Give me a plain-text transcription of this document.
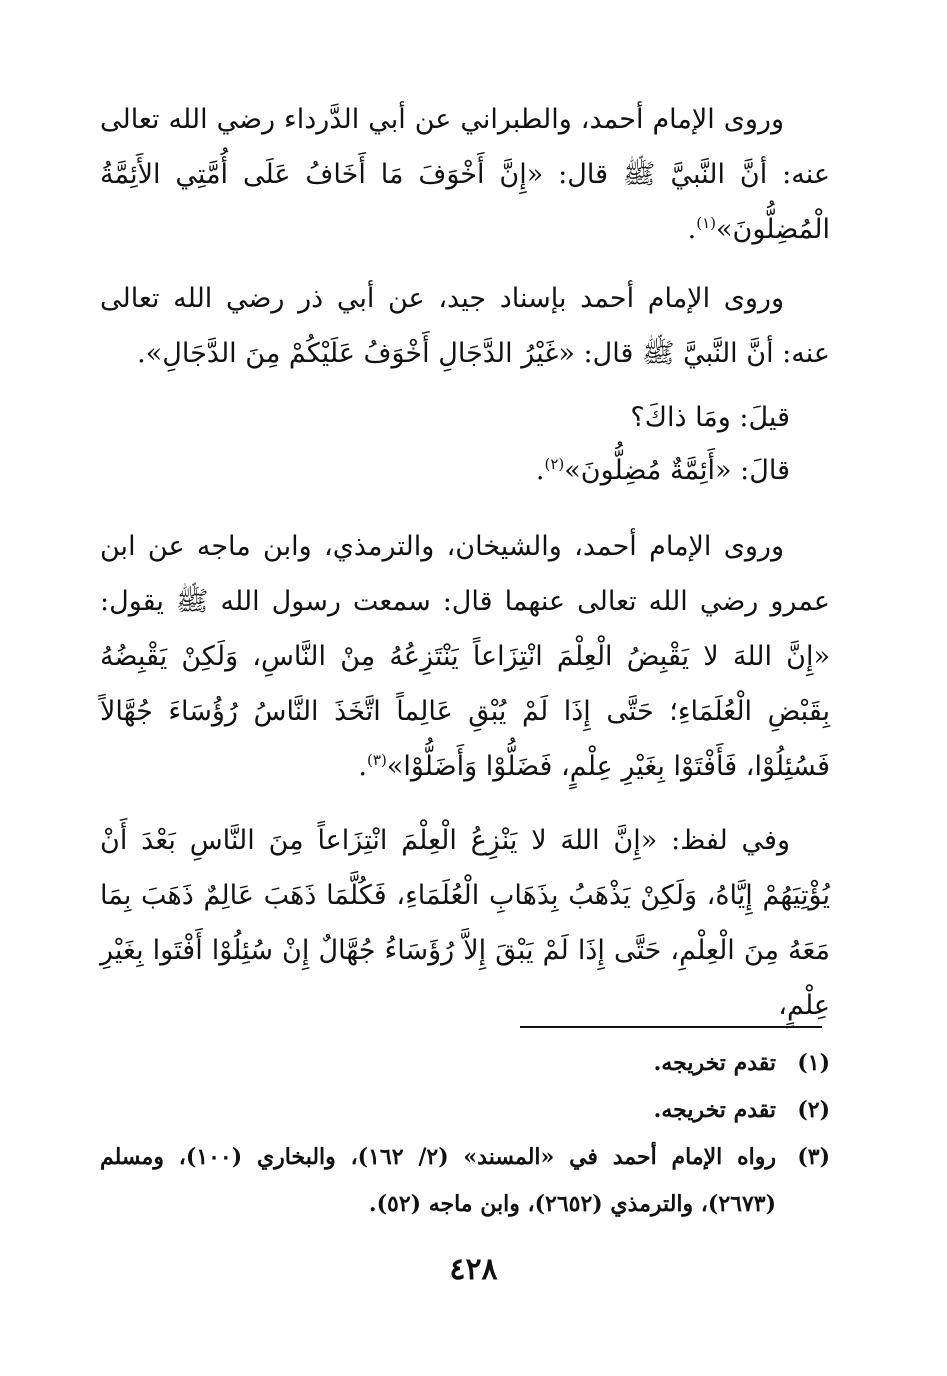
وروى الإمام أحمد، والطبراني عن أبي الدَّرداء رضي الله تعالى عنه: أنَّ النَّبيَّ ﷺ قال: «إِنَّ أَخْوَفَ مَا أَخَافُ عَلَى أُمَّتِي الأَئِمَّةُ الْمُضِلُّونَ»$^{(١)}$.

وروى الإمام أحمد بإسناد جيد، عن أبي ذر رضي الله تعالى عنه: أنَّ النَّبيَّ ﷺ قال: «غَيْرُ الدَّجَالِ أَخْوَفُ عَلَيْكُمْ مِنَ الدَّجَالِ».

قيلَ: ومَا ذاكَ؟

قالَ: «أَئِمَّةٌ مُضِلُّونَ»$^{(٢)}$.

وروى الإمام أحمد، والشيخان، والترمذي، وابن ماجه عن ابن عمرو رضي الله تعالى عنهما قال: سمعت رسول الله ﷺ يقول: «إِنَّ اللهَ لا يَقْبِضُ الْعِلْمَ انْتِزَاعاً يَنْتَزِعُهُ مِنْ النَّاسِ، وَلَكِنْ يَقْبِضُهُ بِقَبْضِ الْعُلَمَاءِ؛ حَتَّى إِذَا لَمْ يُبْقِ عَالِماً اتَّخَذَ النَّاسُ رُؤُسَاءَ جُهَّالاً فَسُئِلُوْا، فَأَفْتَوْا بِغَيْرِ عِلْمٍ، فَضَلُّوْا وَأَضَلُّوْا»$^{(٣)}$.

وفي لفظ: «إِنَّ اللهَ لا يَنْزِعُ الْعِلْمَ انْتِزَاعاً مِنَ النَّاسِ بَعْدَ أَنْ يُؤْتِيَهُمْ إِيَّاهُ، وَلَكِنْ يَذْهَبُ بِذَهَابِ الْعُلَمَاءِ، فَكُلَّمَا ذَهَبَ عَالِمٌ ذَهَبَ بِمَا مَعَهُ مِنَ الْعِلْمِ، حَتَّى إِذَا لَمْ يَبْقَ إِلاَّ رُؤَسَاءُ جُهَّالٌ إِنْ سُئِلُوْا أَفْتَوا بِغَيْرِ عِلْمٍ،

(١)
تقدم تخريجه.
(٢)
تقدم تخريجه.
(٣)
رواه الإمام أحمد في «المسند» (٢/ ١٦٢)، والبخاري (١٠٠)، ومسلم (٢٦٧٣)، والترمذي (٢٦٥٢)، وابن ماجه (٥٢).
٤٢٨
